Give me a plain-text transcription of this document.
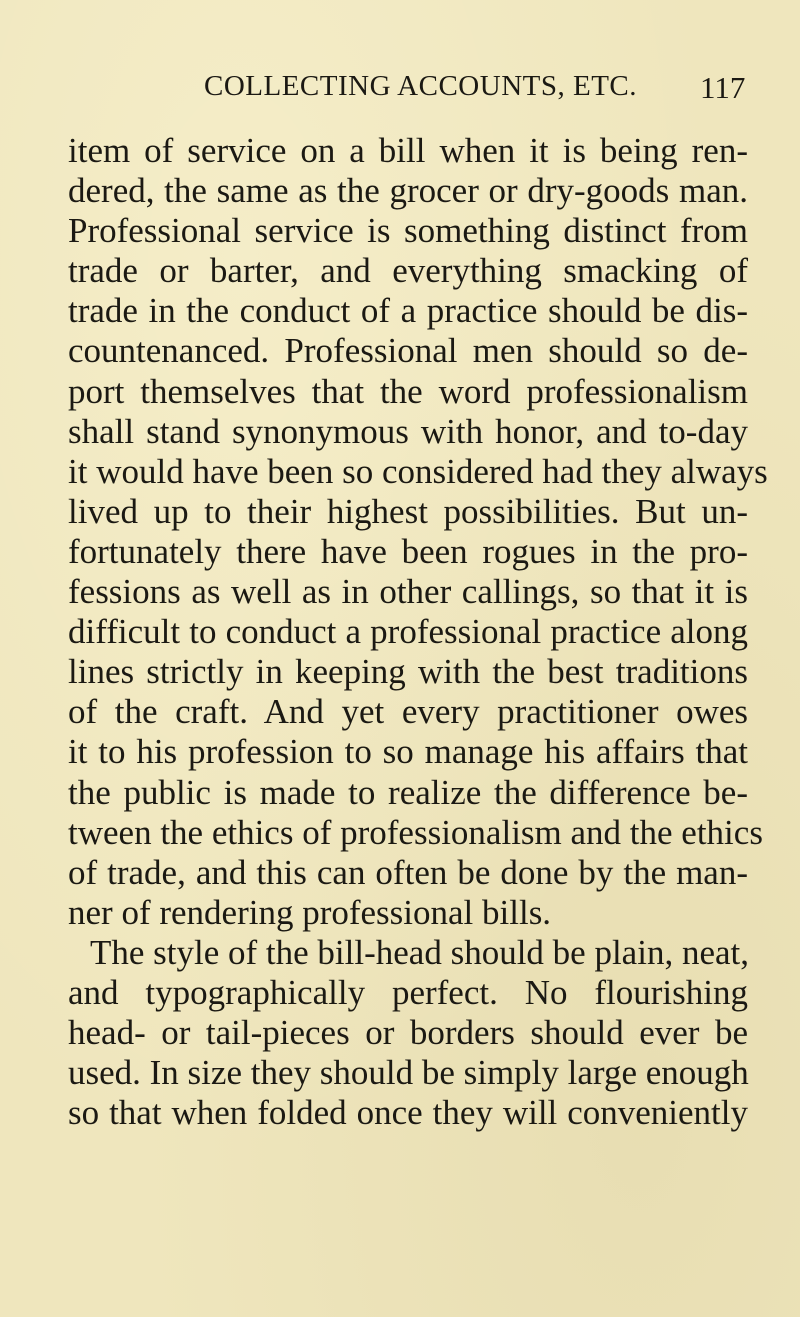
COLLECTING ACCOUNTS, ETC. 117
item of service on a bill when it is being ren-
dered, the same as the grocer or dry-goods man.
Professional service is something distinct from
trade or barter, and everything smacking of
trade in the conduct of a practice should be dis-
countenanced. Professional men should so de-
port themselves that the word professionalism
shall stand synonymous with honor, and to-day
it would have been so considered had they always
lived up to their highest possibilities. But un-
fortunately there have been rogues in the pro-
fessions as well as in other callings, so that it is
difficult to conduct a professional practice along
lines strictly in keeping with the best traditions
of the craft. And yet every practitioner owes
it to his profession to so manage his affairs that
the public is made to realize the difference be-
tween the ethics of professionalism and the ethics
of trade, and this can often be done by the man-
ner of rendering professional bills.
The style of the bill-head should be plain, neat,
and typographically perfect. No flourishing
head- or tail-pieces or borders should ever be
used. In size they should be simply large enough
so that when folded once they will conveniently
